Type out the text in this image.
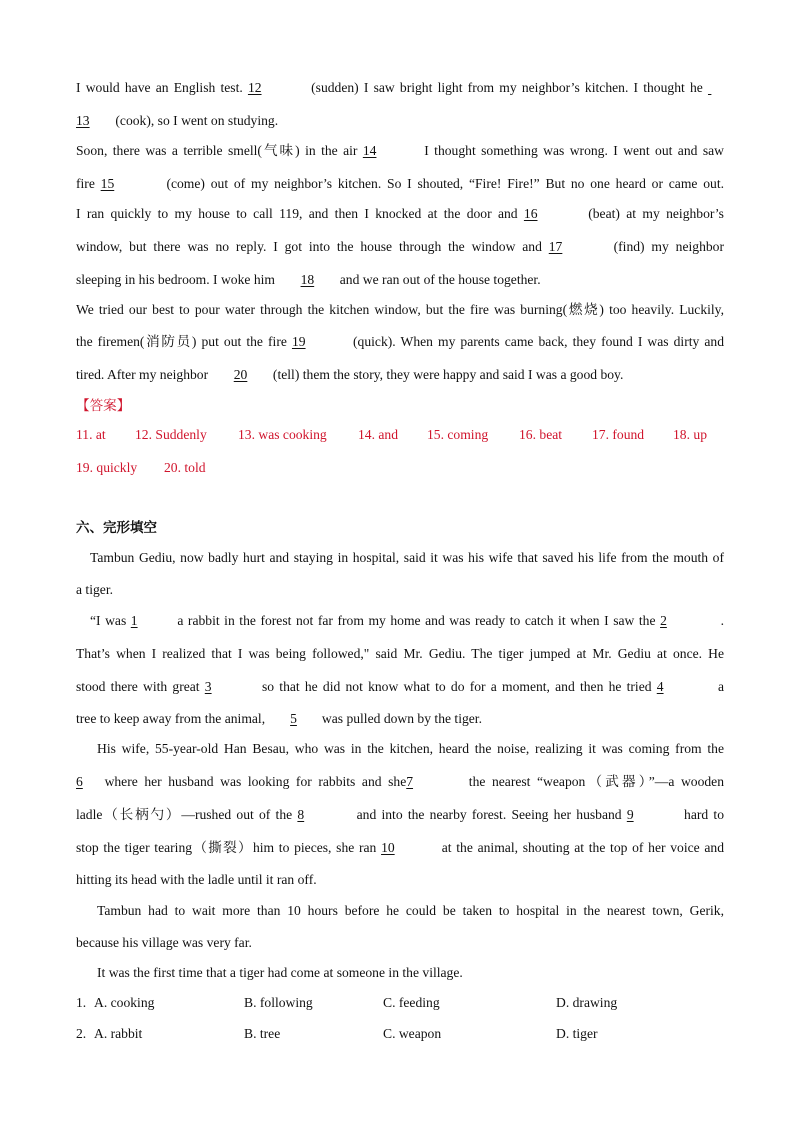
I would have an English test. 12	(sudden) I saw bright light from my neighbor’s kitchen. I thought he
13 (cook), so I went on studying.
Soon, there was a terrible smell(气味) in the air 14	I thought something was wrong. I went out and saw
fire 15	(come) out of my neighbor’s kitchen. So I shouted, “Fire! Fire!” But no one heard or came out.
I ran quickly to my house to call 119, and then I knocked at the door and 16	(beat) at my neighbor’s
window, but there was no reply. I got into the house through the window and 17	(find) my neighbor
sleeping in his bedroom. I woke him 18 and we ran out of the house together.
We tried our best to pour water through the kitchen window, but the fire was burning(燃烧) too heavily. Luckily,
the firemen(消防员) put out the fire 19	(quick). When my parents came back, they found I was dirty and
tired. After my neighbor 20 (tell) them the story, they were happy and said I was a good boy.
【答案】
11. at 12. Suddenly 13. was cooking 14. and 15. coming 16. beat 17. found 18. up
19. quickly 20. told
六、完形填空
Tambun Gediu, now badly hurt and staying in hospital, said it was his wife that saved his life from the mouth of
a tiger.
“I was 1	a rabbit in the forest not far from my home and was ready to catch it when I saw the 2	.
That’s when I realized that I was being followed," said Mr. Gediu. The tiger jumped at Mr. Gediu at once. He
stood there with great 3	so that he did not know what to do for a moment, and then he tried 4	a
tree to keep away from the animal, 5 was pulled down by the tiger.
His wife, 55-year-old Han Besau, who was in the kitchen, heard the noise, realizing it was coming from the
6 where her husband was looking for rabbits and she7	the nearest “weapon（武器）”—a wooden
ladle（长柄勺）—rushed out of the 8	and into the nearby forest. Seeing her husband 9	hard to
stop the tiger tearing（撕裂）him to pieces, she ran 10	at the animal, shouting at the top of her voice and
hitting its head with the ladle until it ran off.
Tambun had to wait more than 10 hours before he could be taken to hospital in the nearest town, Gerik,
because his village was very far.
It was the first time that a tiger had come at someone in the village.
1. A. cooking	B. following	C. feeding	D. drawing
2. A. rabbit	B. tree	C. weapon	D. tiger
